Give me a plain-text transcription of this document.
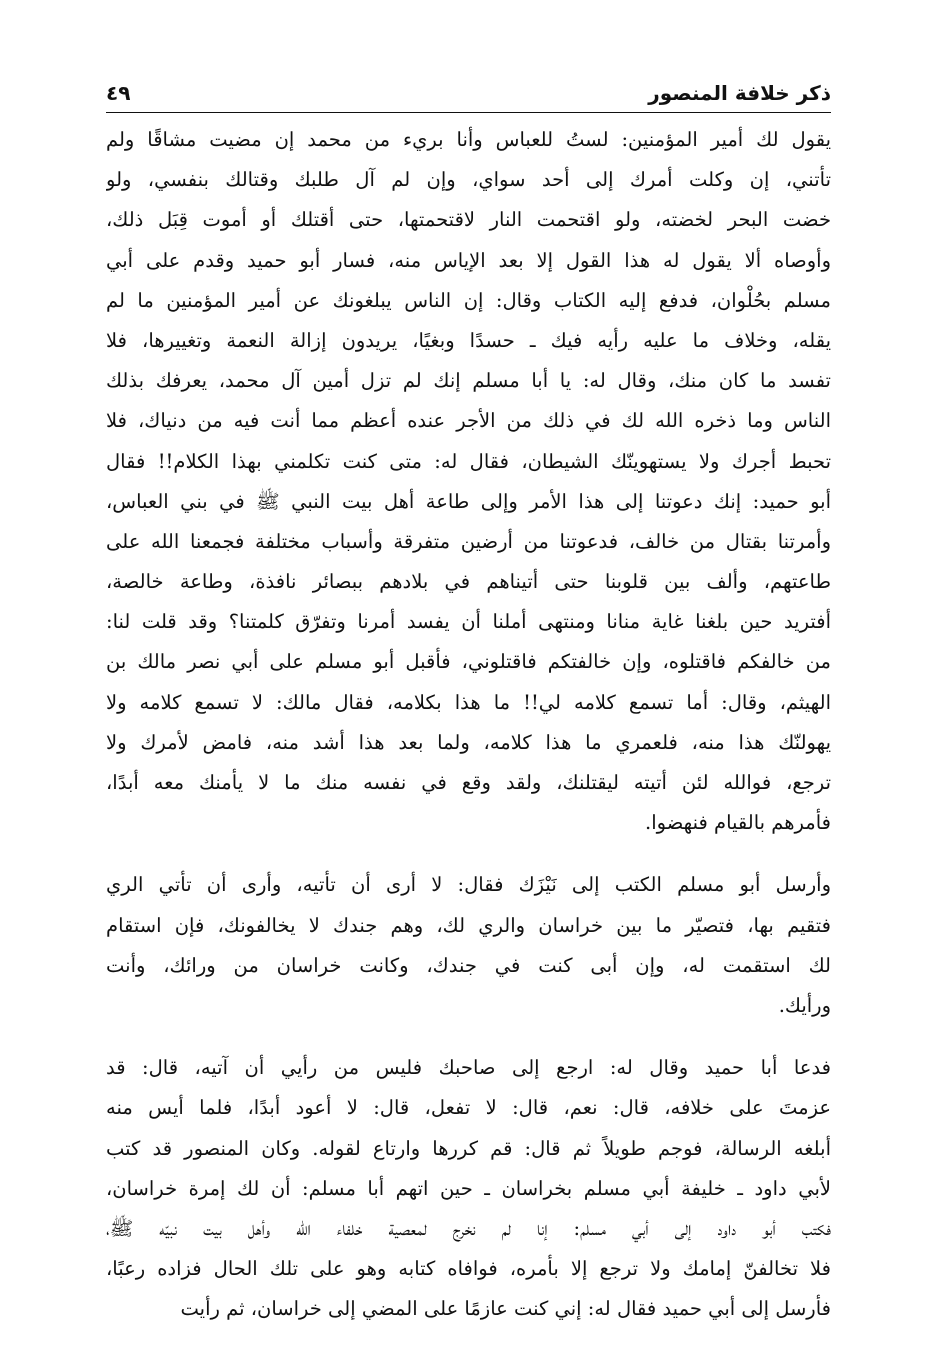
ذكر خلافة المنصور
٤٩
يقول لك أمير المؤمنين: لستُ للعباس وأنا بريء من محمد إن مضيت مشاقًا ولم
تأتني، إن وكلت أمرك إلى أحد سواي، وإن لم آل طلبك وقتالك بنفسي، ولو
خضت البحر لخضته، ولو اقتحمت النار لاقتحمتها، حتى أقتلك أو أموت قِبَل ذلك،
وأوصاه ألا يقول له هذا القول إلا بعد الإياس منه، فسار أبو حميد وقدم على أبي
مسلم بحُلْوان، فدفع إليه الكتاب وقال: إن الناس يبلغونك عن أمير المؤمنين ما لم
يقله، وخلاف ما عليه رأيه فيك ـ حسدًا وبغيًا، يريدون إزالة النعمة وتغييرها، فلا
تفسد ما كان منك، وقال له: يا أبا مسلم إنك لم تزل أمين آل محمد، يعرفك بذلك
الناس وما ذخره الله لك في ذلك من الأجر عنده أعظم مما أنت فيه من دنياك، فلا
تحبط أجرك ولا يستهوينّك الشيطان، فقال له: متى كنت تكلمني بهذا الكلام!! فقال
أبو حميد: إنك دعوتنا إلى هذا الأمر وإلى طاعة أهل بيت النبي ﷺ في بني العباس،
وأمرتنا بقتال من خالف، فدعوتنا من أرضين متفرقة وأسباب مختلفة فجمعنا الله على
طاعتهم، وألف بين قلوبنا حتى أتيناهم في بلادهم ببصائر نافذة، وطاعة خالصة،
أفتريد حين بلغنا غاية منانا ومنتهى أملنا أن يفسد أمرنا وتفرّق كلمتنا؟ وقد قلت لنا:
من خالفكم فاقتلوه، وإن خالفتكم فاقتلوني، فأقبل أبو مسلم على أبي نصر مالك بن
الهيثم، وقال: أما تسمع كلامه لي!! ما هذا بكلامه، فقال مالك: لا تسمع كلامه ولا
يهولنّك هذا منه، فلعمري ما هذا كلامه، ولما بعد هذا أشد منه، فامض لأمرك ولا
ترجع، فوالله لئن أتيته ليقتلنك، ولقد وقع في نفسه منك ما لا يأمنك معه أبدًا،
فأمرهم بالقيام فنهضوا.
وأرسل أبو مسلم الكتب إلى نَيْزَك فقال: لا أرى أن تأتيه، وأرى أن تأتي الري
فتقيم بها، فتصيّر ما بين خراسان والري لك، وهم جندك لا يخالفونك، فإن استقام
لك استقمت له، وإن أبى كنت في جندك، وكانت خراسان من ورائك، وأنت
ورأيك.
فدعا أبا حميد وقال له: ارجع إلى صاحبك فليس من رأيي أن آتيه، قال: قد
عزمتَ على خلافه، قال: نعم، قال: لا تفعل، قال: لا أعود أبدًا، فلما أيس منه
أبلغه الرسالة، فوجم طويلاً ثم قال: قم كررها وارتاع لقوله. وكان المنصور قد كتب
لأبي داود ـ خليفة أبي مسلم بخراسان ـ حين اتهم أبا مسلم: أن لك إمرة خراسان،
فكتب أبو داود إلى أبي مسلم: إنا لم نخرج لمعصية خلفاء الله وأهل بيت نبيّه ﷺ،
فلا تخالفنّ إمامك ولا ترجع إلا بأمره، فوافاه كتابه وهو على تلك الحال فزاده رعبًا،
فأرسل إلى أبي حميد فقال له: إني كنت عازمًا على المضي إلى خراسان، ثم رأيت
